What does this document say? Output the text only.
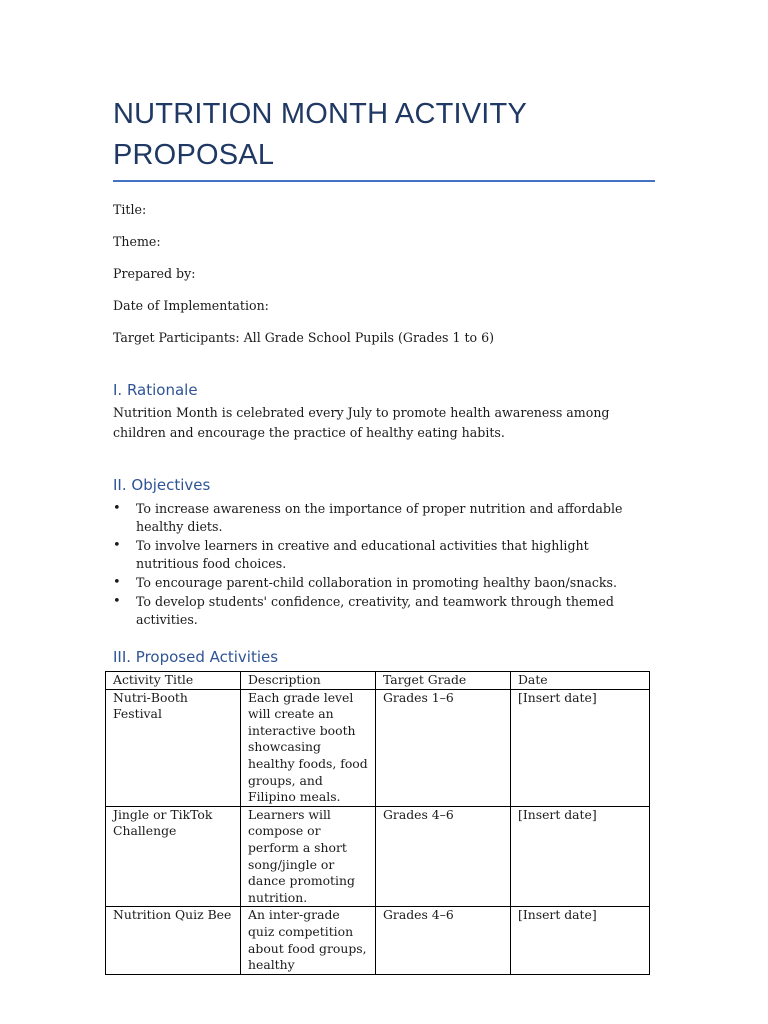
NUTRITION MONTH ACTIVITY PROPOSAL
Title:
Theme:
Prepared by:
Date of Implementation:
Target Participants: All Grade School Pupils (Grades 1 to 6)
I. Rationale

Nutrition Month is celebrated every July to promote health awareness among children and encourage the practice of healthy eating habits.

II. Objectives
• To increase awareness on the importance of proper nutrition and affordable healthy diets.
• To involve learners in creative and educational activities that highlight nutritious food choices.
• To encourage parent-child collaboration in promoting healthy baon/snacks.
• To develop students' confidence, creativity, and teamwork through themed activities.
III. Proposed Activities
Activity Title	Description	Target Grade	Date
Nutri-Booth Festival	Each grade level will create an interactive booth showcasing healthy foods, food groups, and Filipino meals.	Grades 1–6	[Insert date]
Jingle or TikTok Challenge	Learners will compose or perform a short song/jingle or dance promoting nutrition.	Grades 4–6	[Insert date]
Nutrition Quiz Bee	An inter-grade quiz competition about food groups, healthy	Grades 4–6	[Insert date]
